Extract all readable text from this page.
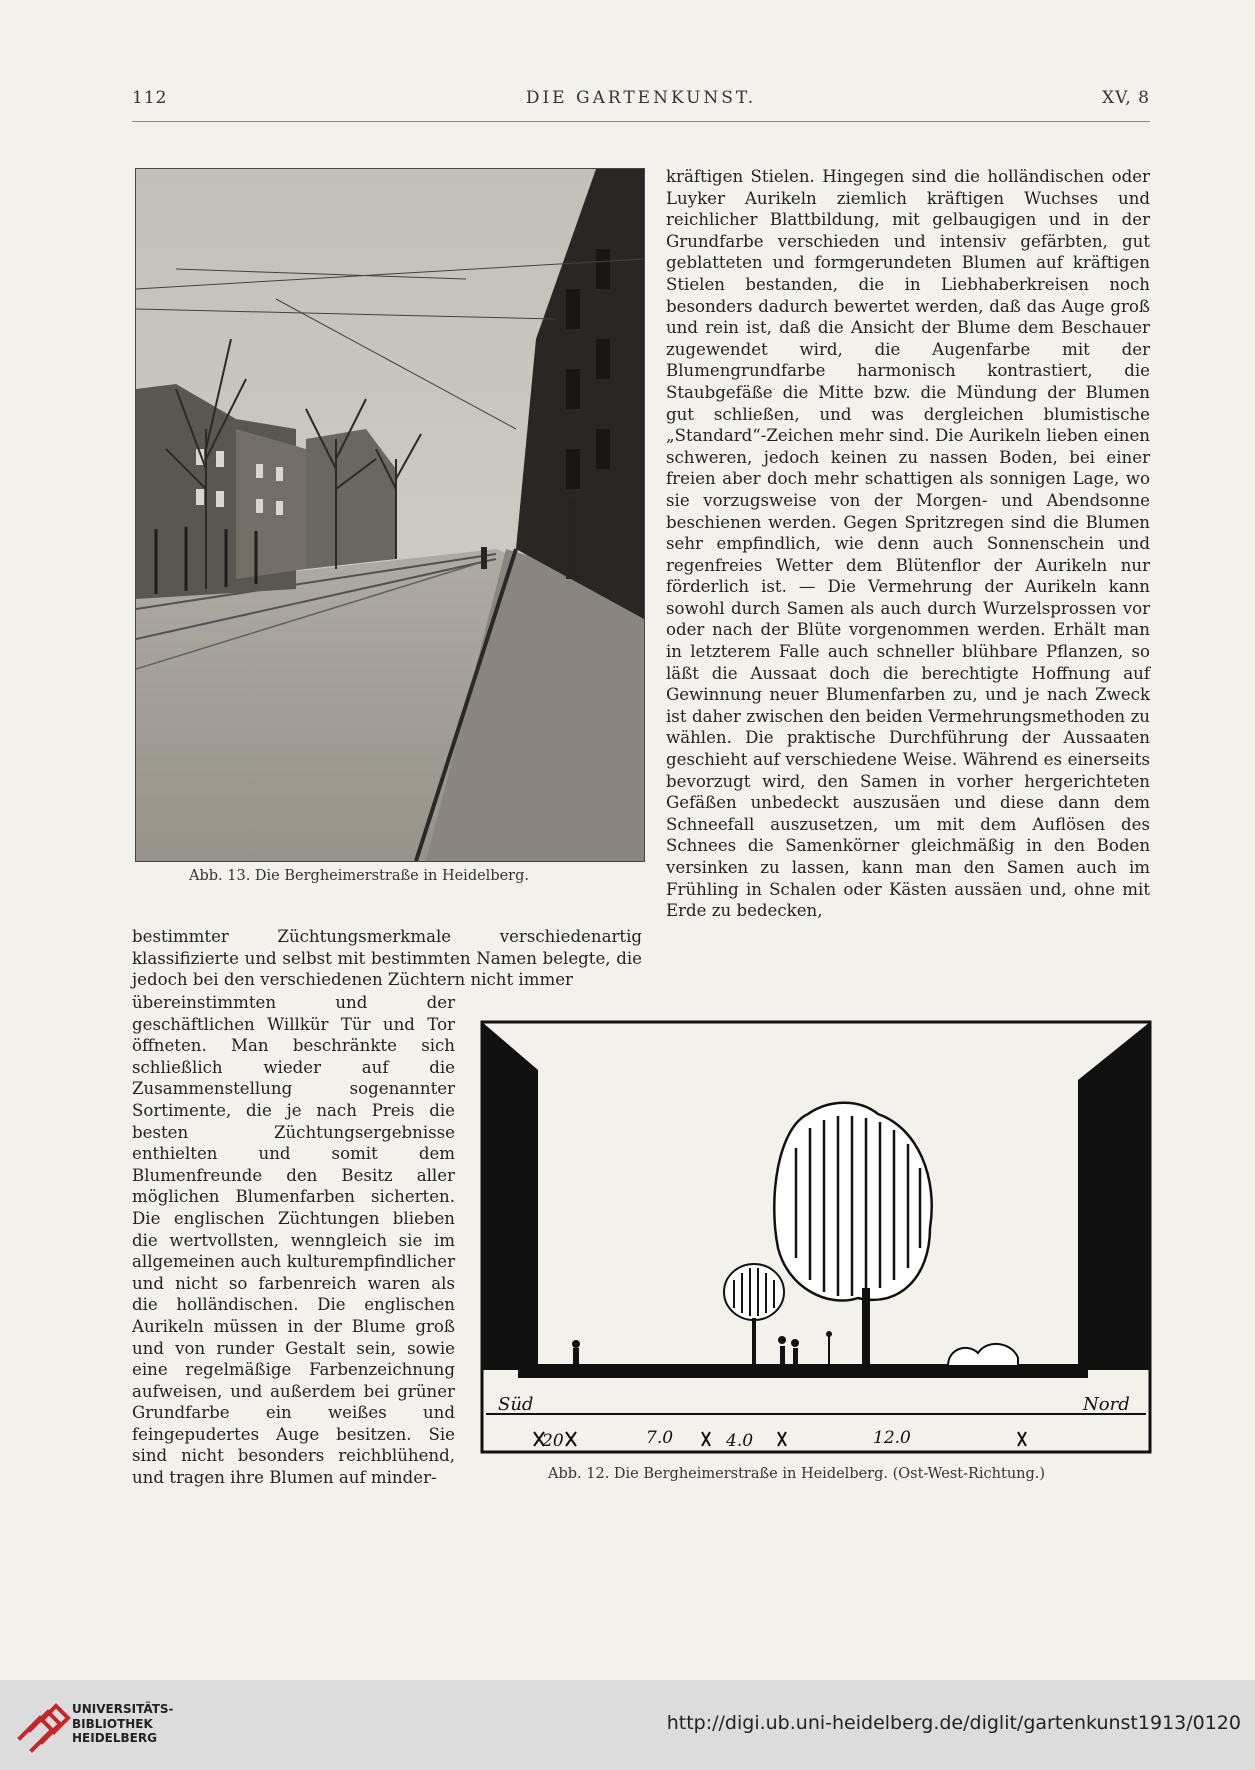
112	DIE GARTENKUNST.	XV, 8
Abb. 13. Die Bergheimerstraße in Heidelberg.

kräftigen Stielen. Hingegen sind die holländischen oder Luyker Aurikeln ziemlich kräftigen Wuchses und reichlicher Blattbildung, mit gelbaugigen und in der Grundfarbe verschieden und intensiv gefärbten, gut geblatteten und formgerundeten Blumen auf kräftigen Stielen bestanden, die in Liebhaberkreisen noch besonders dadurch bewertet werden, daß das Auge groß und rein ist, daß die Ansicht der Blume dem Beschauer zugewendet wird, die Augenfarbe mit der Blumengrundfarbe harmonisch kontrastiert, die Staubgefäße die Mitte bzw. die Mündung der Blumen gut schließen, und was dergleichen blumistische „Standard“-Zeichen mehr sind. Die Aurikeln lieben einen schweren, jedoch keinen zu nassen Boden, bei einer freien aber doch mehr schattigen als sonnigen Lage, wo sie vorzugsweise von der Morgen- und Abendsonne beschienen werden. Gegen Spritzregen sind die Blumen sehr empfindlich, wie denn auch Sonnenschein und regenfreies Wetter dem Blütenflor der Aurikeln nur förderlich ist. — Die Vermehrung der Aurikeln kann sowohl durch Samen als auch durch Wurzelsprossen vor oder nach der Blüte vorgenommen werden. Erhält man in letzterem Falle auch schneller blühbare Pflanzen, so läßt die Aussaat doch die berechtigte Hoffnung auf Gewinnung neuer Blumenfarben zu, und je nach Zweck ist daher zwischen den beiden Vermehrungsmethoden zu wählen. Die praktische Durchführung der Aussaaten geschieht auf verschiedene Weise. Während es einerseits bevorzugt wird, den Samen in vorher hergerichteten Gefäßen unbedeckt auszusäen und diese dann dem Schneefall auszusetzen, um mit dem Auflösen des Schnees die Samenkörner gleichmäßig in den Boden versinken zu lassen, kann man den Samen auch im Frühling in Schalen oder Kästen aussäen und, ohne mit Erde zu bedecken,

bestimmter Züchtungsmerkmale verschiedenartig klassifizierte und selbst mit bestimmten Namen belegte, die jedoch bei den verschiedenen Züchtern nicht immer
übereinstimmten und der geschäftlichen Willkür Tür und Tor öffneten. Man beschränkte sich schließlich wieder auf die Zusammenstellung sogenannter Sortimente, die je nach Preis die besten Züchtungsergebnisse enthielten und somit dem Blumenfreunde den Besitz aller möglichen Blumenfarben sicherten. Die englischen Züchtungen blieben die wertvollsten, wenngleich sie im allgemeinen auch kulturempfindlicher und nicht so farbenreich waren als die holländischen. Die englischen Aurikeln müssen in der Blume groß und von runder Gestalt sein, sowie eine regelmäßige Farbenzeichnung aufweisen, und außerdem bei grüner Grundfarbe ein weißes und feingepudertes Auge besitzen. Sie sind nicht besonders reichblühend, und tragen ihre Blumen auf minder-
Süd	Nord
20	7.0	4.0	12.0
Abb. 12. Die Bergheimerstraße in Heidelberg. (Ost-West-Richtung.)
UNIVERSITÄTS-
BIBLIOTHEK
HEIDELBERG
http://digi.ub.uni-heidelberg.de/diglit/gartenkunst1913/0120
